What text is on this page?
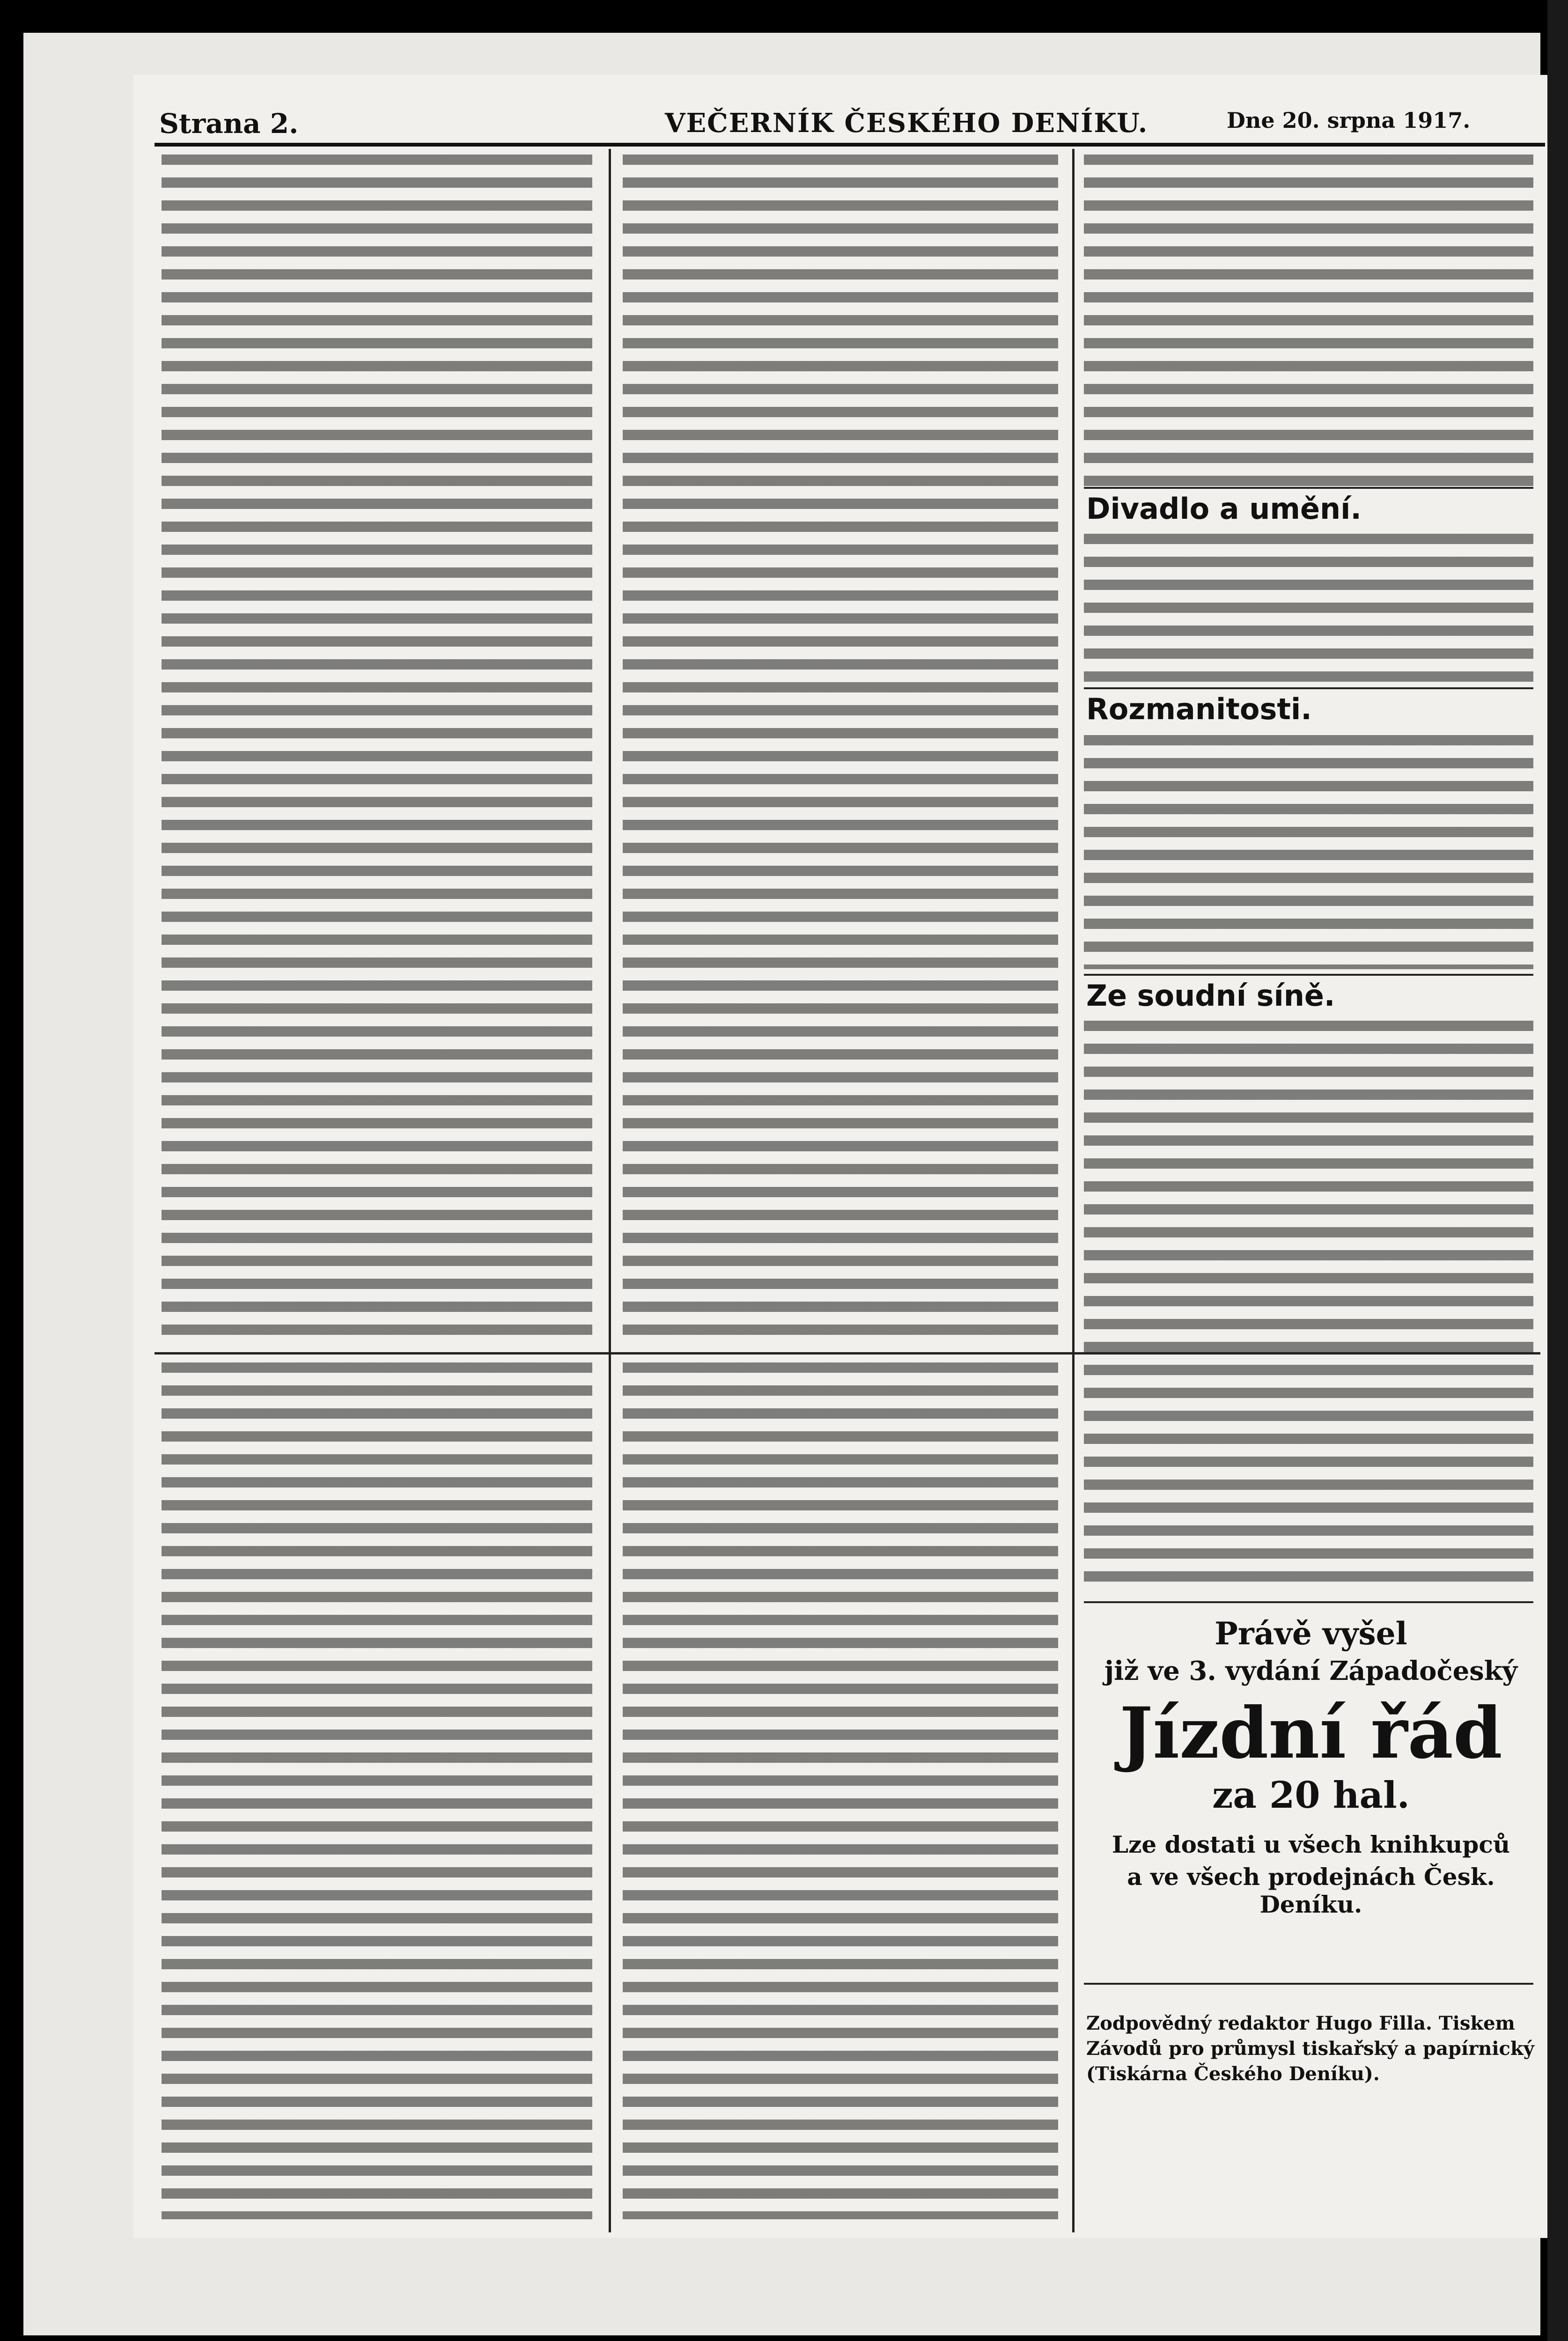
Strana 2.	VEČERNÍK ČESKÉHO DENÍKU.	Dne 20. srpna 1917.
Divadlo a umění.
Rozmanitosti.
Ze soudní síně.
Právě vyšel
již ve 3. vydání Západočeský
Jízdní řád
za 20 hal.
Lze dostati u všech knihkupců
a ve všech prodejnách Česk. Deníku.
Zodpovědný redaktor Hugo Filla. Tiskem Závodů pro průmysl tiskařský a papírnický (Tiskárna Českého Deníku).
